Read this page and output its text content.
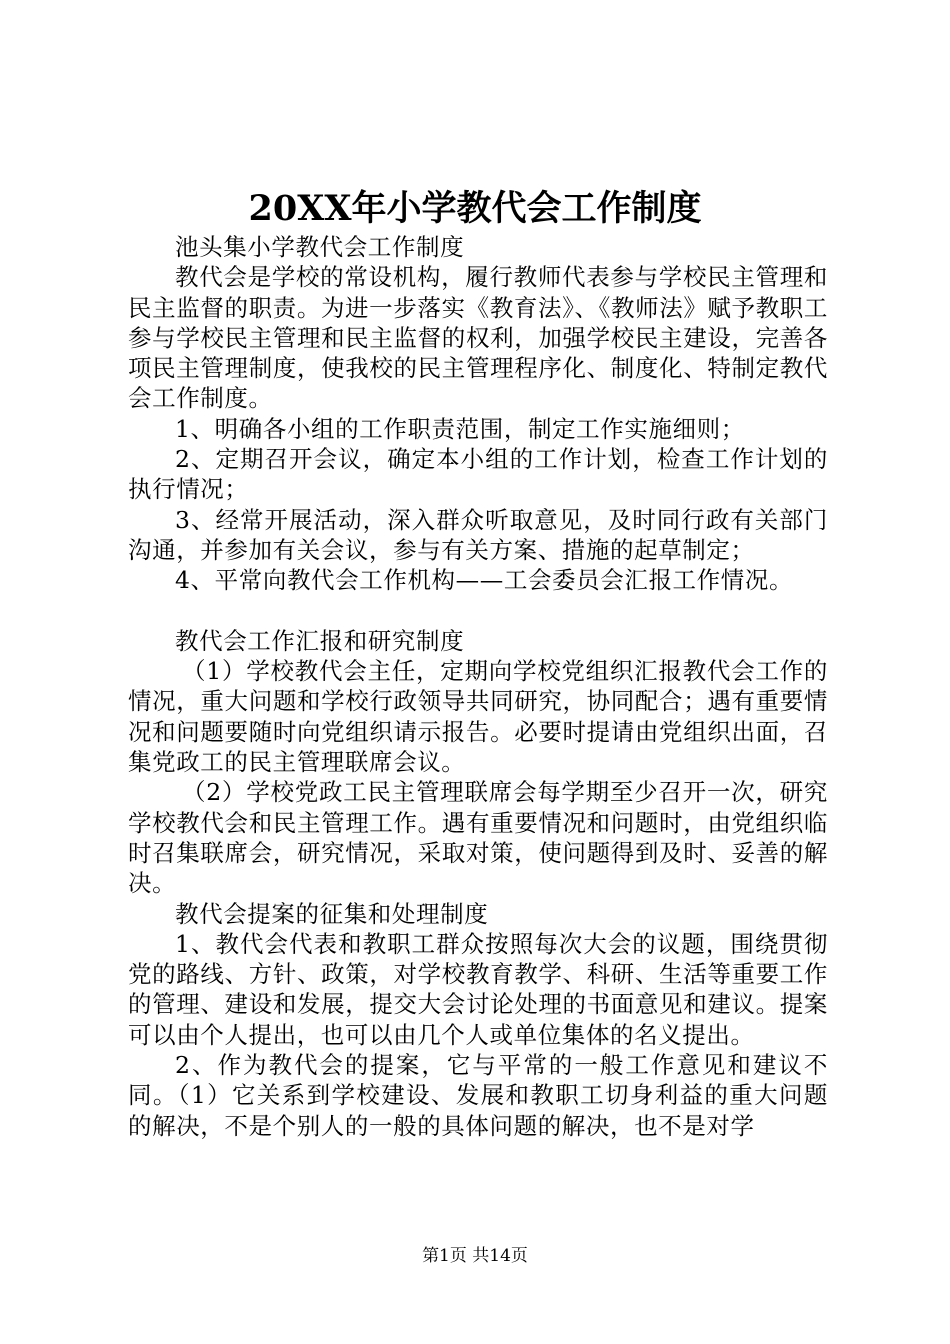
20XX年小学教代会工作制度

池头集小学教代会工作制度

教代会是学校的常设机构，履行教师代表参与学校民主管理和民主监督的职责。为进一步落实《教育法》、《教师法》赋予教职工参与学校民主管理和民主监督的权利，加强学校民主建设，完善各项民主管理制度，使我校的民主管理程序化、制度化、特制定教代会工作制度。

1、明确各小组的工作职责范围，制定工作实施细则；

2、定期召开会议，确定本小组的工作计划，检查工作计划的执行情况；

3、经常开展活动，深入群众听取意见，及时同行政有关部门沟通，并参加有关会议，参与有关方案、措施的起草制定；

4、平常向教代会工作机构——工会委员会汇报工作情况。

教代会工作汇报和研究制度

（1）学校教代会主任，定期向学校党组织汇报教代会工作的情况，重大问题和学校行政领导共同研究，协同配合；遇有重要情况和问题要随时向党组织请示报告。必要时提请由党组织出面，召集党政工的民主管理联席会议。

（2）学校党政工民主管理联席会每学期至少召开一次，研究学校教代会和民主管理工作。遇有重要情况和问题时，由党组织临时召集联席会，研究情况，采取对策，使问题得到及时、妥善的解决。

教代会提案的征集和处理制度

1、教代会代表和教职工群众按照每次大会的议题，围绕贯彻党的路线、方针、政策，对学校教育教学、科研、生活等重要工作的管理、建设和发展，提交大会讨论处理的书面意见和建议。提案可以由个人提出，也可以由几个人或单位集体的名义提出。

2、作为教代会的提案，它与平常的一般工作意见和建议不同。（1）它关系到学校建设、发展和教职工切身利益的重大问题的解决，不是个别人的一般的具体问题的解决，也不是对学

第1页 共14页
